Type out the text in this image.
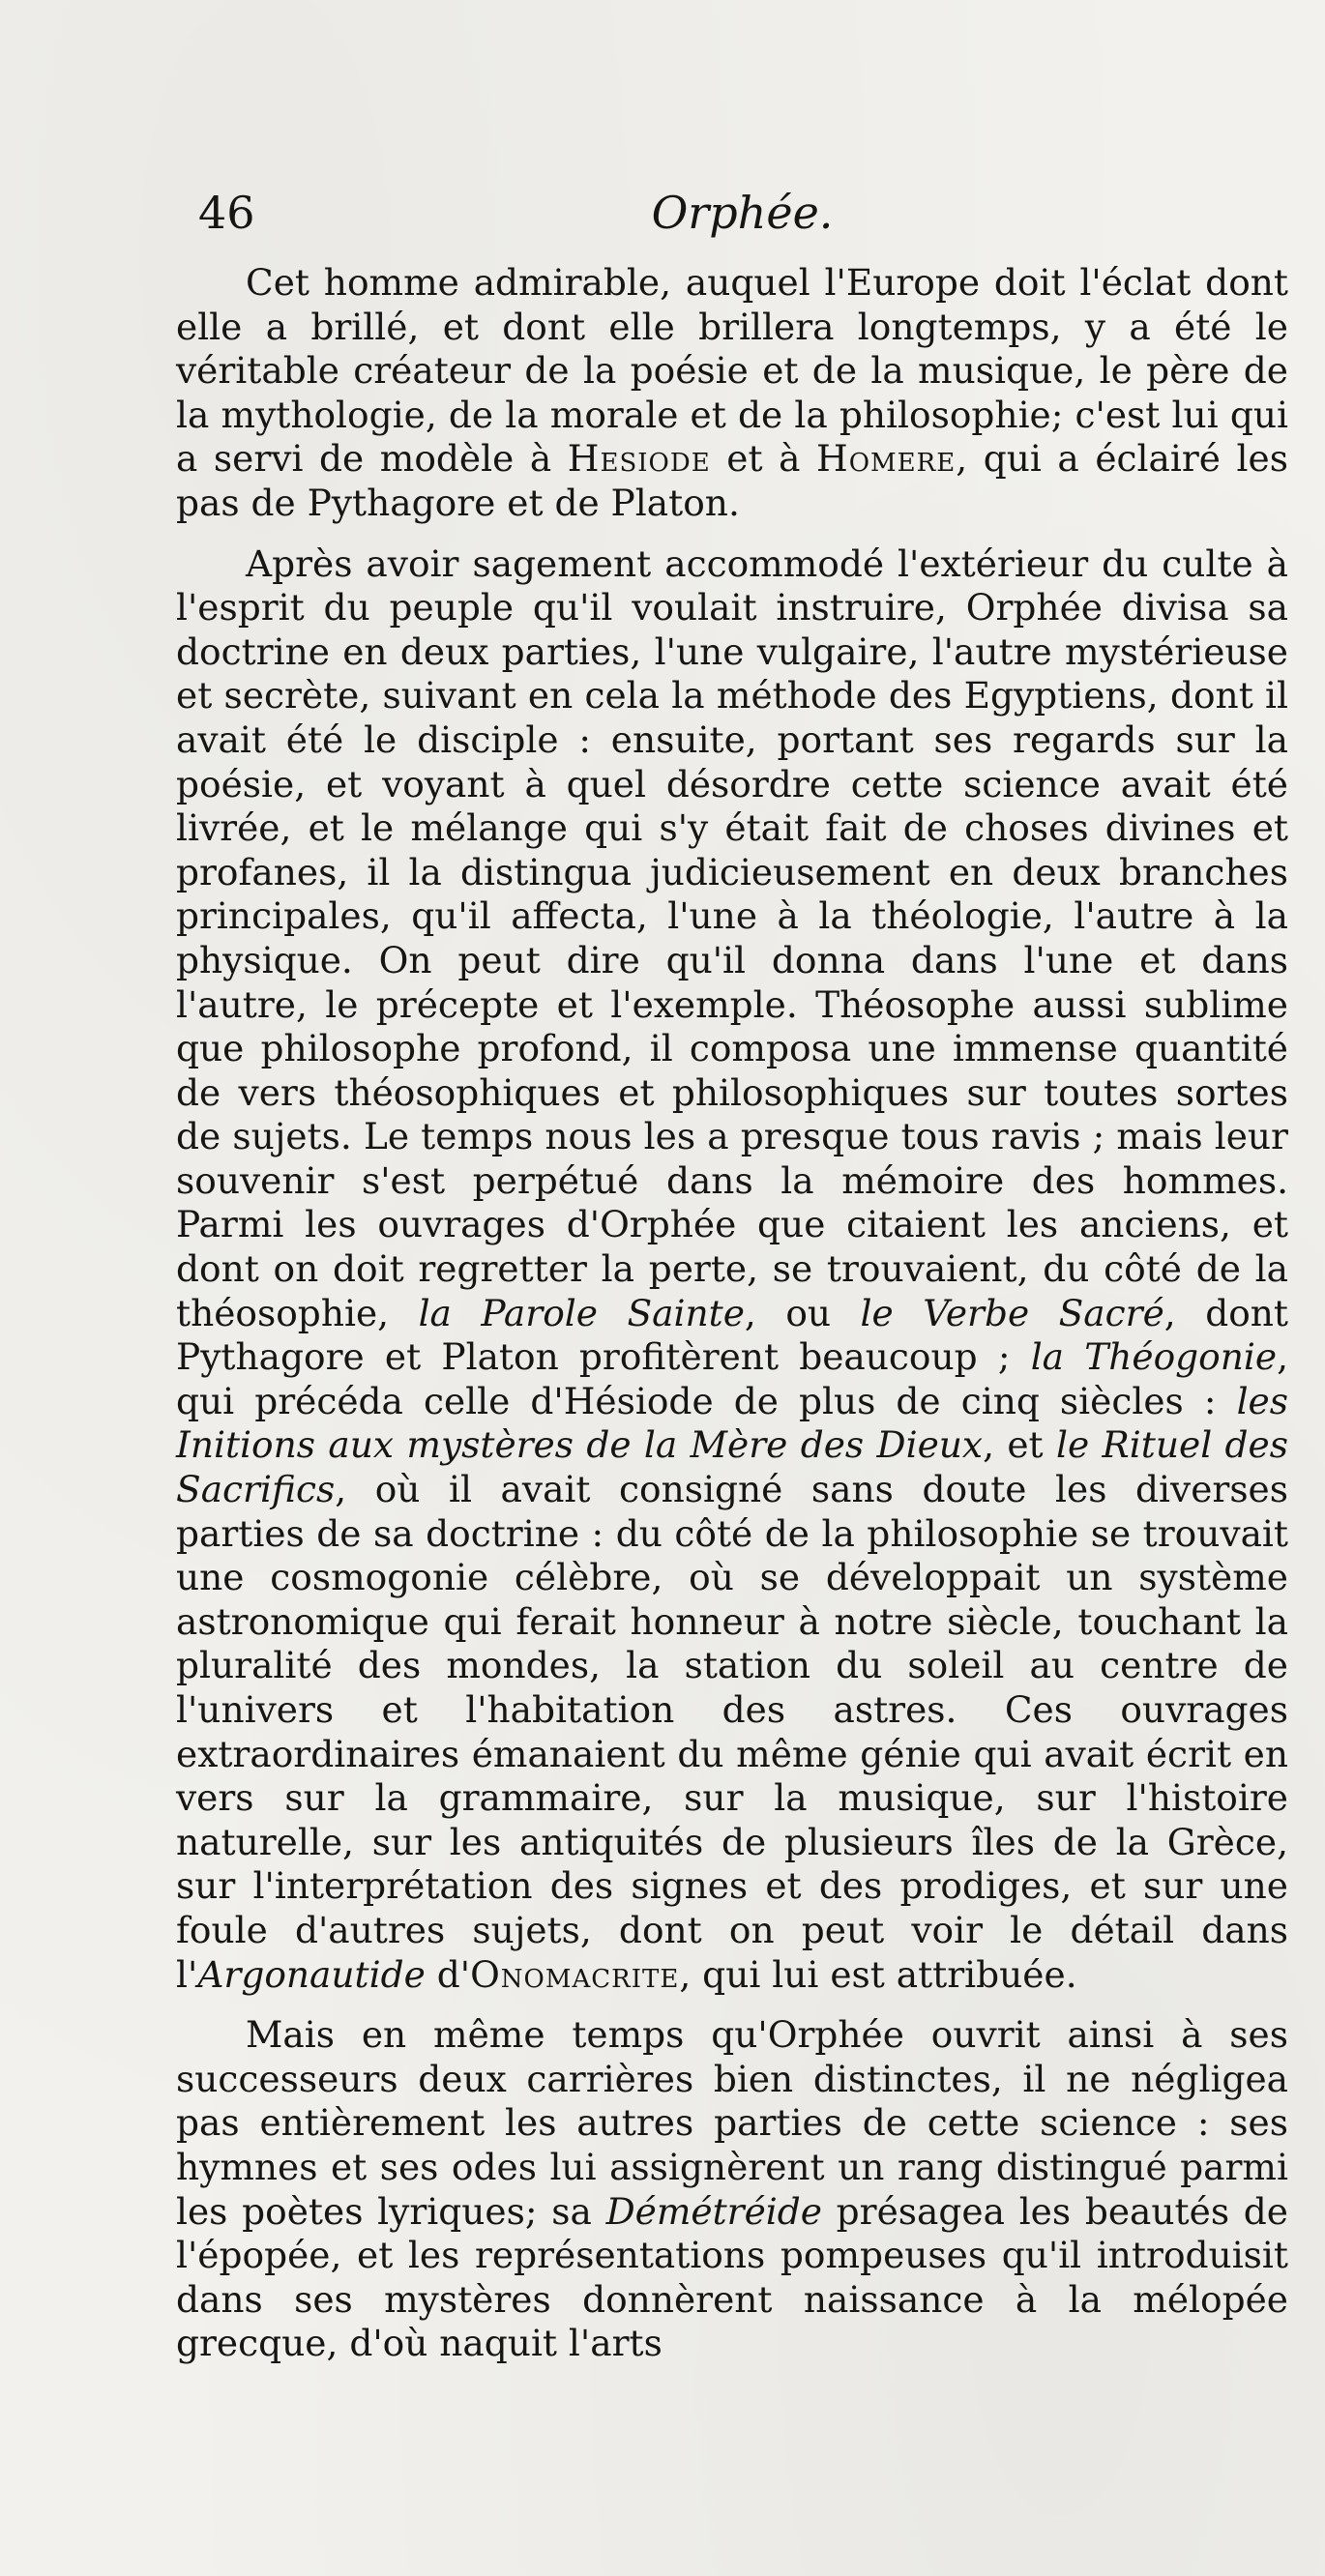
46	Orphée.

Cet homme admirable, auquel l'Europe doit l'éclat dont elle a brillé, et dont elle brillera longtemps, y a été le véritable créateur de la poésie et de la musique, le père de la mythologie, de la morale et de la philosophie; c'est lui qui a servi de modèle à Hesiode et à Homere, qui a éclairé les pas de Pythagore et de Platon.

Après avoir sagement accommodé l'extérieur du culte à l'esprit du peuple qu'il voulait instruire, Orphée divisa sa doctrine en deux parties, l'une vulgaire, l'autre mystérieuse et secrète, suivant en cela la méthode des Egyptiens, dont il avait été le disciple : ensuite, portant ses regards sur la poésie, et voyant à quel désordre cette science avait été livrée, et le mélange qui s'y était fait de choses divines et profanes, il la distingua judicieusement en deux branches principales, qu'il affecta, l'une à la théologie, l'autre à la physique. On peut dire qu'il donna dans l'une et dans l'autre, le précepte et l'exemple. Théosophe aussi sublime que philosophe profond, il composa une immense quantité de vers théosophiques et philosophiques sur toutes sortes de sujets. Le temps nous les a presque tous ravis ; mais leur souvenir s'est perpétué dans la mémoire des hommes. Parmi les ouvrages d'Orphée que citaient les anciens, et dont on doit regretter la perte, se trouvaient, du côté de la théosophie, la Parole Sainte, ou le Verbe Sacré, dont Pythagore et Platon profitèrent beaucoup ; la Théogonie, qui précéda celle d'Hésiode de plus de cinq siècles : les Initions aux mystères de la Mère des Dieux, et le Rituel des Sacrifics, où il avait consigné sans doute les diverses parties de sa doctrine : du côté de la philosophie se trouvait une cosmogonie célèbre, où se développait un système astronomique qui ferait honneur à notre siècle, touchant la pluralité des mondes, la station du soleil au centre de l'univers et l'habitation des astres. Ces ouvrages extraordinaires émanaient du même génie qui avait écrit en vers sur la grammaire, sur la musique, sur l'histoire naturelle, sur les antiquités de plusieurs îles de la Grèce, sur l'interprétation des signes et des prodiges, et sur une foule d'autres sujets, dont on peut voir le détail dans l'Argonautide d'Onomacrite, qui lui est attribuée.

Mais en même temps qu'Orphée ouvrit ainsi à ses successeurs deux carrières bien distinctes, il ne négligea pas entièrement les autres parties de cette science : ses hymnes et ses odes lui assignèrent un rang distingué parmi les poètes lyriques; sa Démétréide présagea les beautés de l'épopée, et les représentations pompeuses qu'il introduisit dans ses mystères donnèrent naissance à la mélopée grecque, d'où naquit l'arts
